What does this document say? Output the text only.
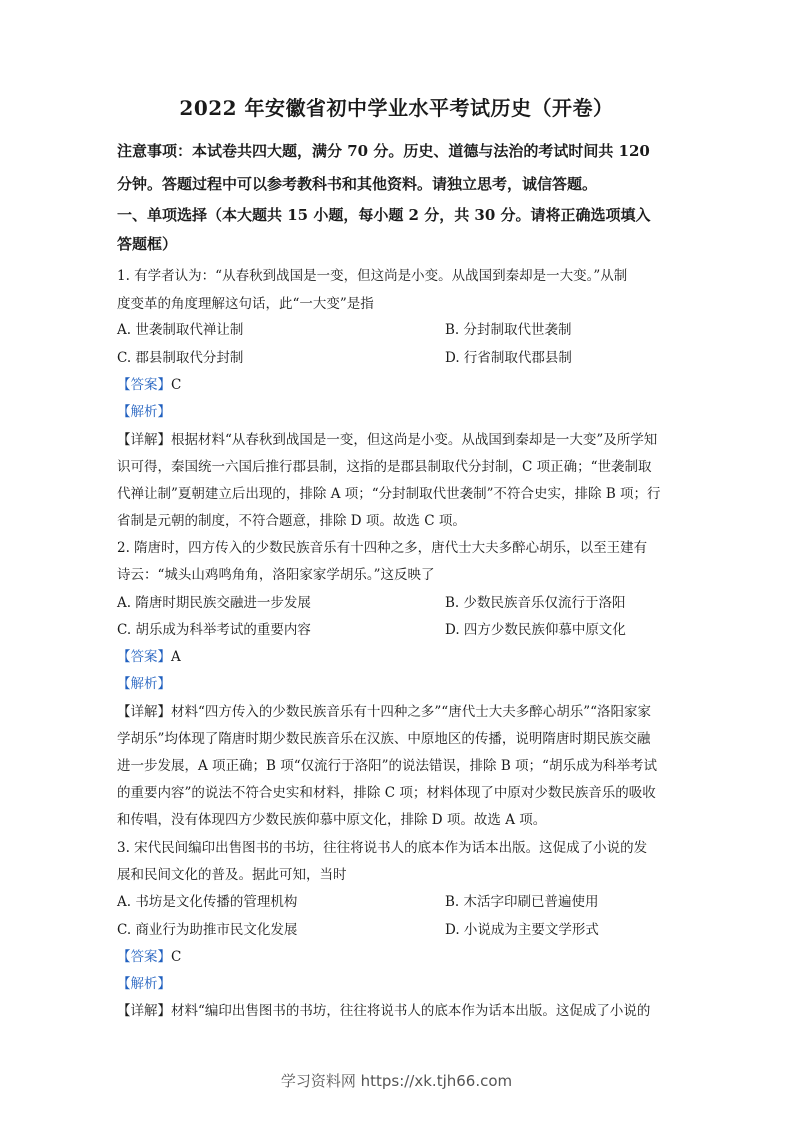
2022 年安徽省初中学业水平考试历史（开卷）
注意事项：本试卷共四大题，满分 70 分。历史、道德与法治的考试时间共 120
分钟。答题过程中可以参考教科书和其他资料。请独立思考，诚信答题。
一、单项选择（本大题共 15 小题，每小题 2 分，共 30 分。请将正确选项填入
答题框）
1. 有学者认为：“从春秋到战国是一变，但这尚是小变。从战国到秦却是一大变。”从制
度变革的角度理解这句话，此“一大变”是指
A. 世袭制取代禅让制	B. 分封制取代世袭制
C. 郡县制取代分封制	D. 行省制取代郡县制
【答案】C
【解析】
【详解】根据材料“从春秋到战国是一变，但这尚是小变。从战国到秦却是一大变”及所学知
识可得，秦国统一六国后推行郡县制，这指的是郡县制取代分封制，C 项正确；“世袭制取
代禅让制”夏朝建立后出现的，排除 A 项；“分封制取代世袭制”不符合史实，排除 B 项；行
省制是元朝的制度，不符合题意，排除 D 项。故选 C 项。
2. 隋唐时，四方传入的少数民族音乐有十四种之多，唐代士大夫多醉心胡乐，以至王建有
诗云：“城头山鸡鸣角角，洛阳家家学胡乐。”这反映了
A. 隋唐时期民族交融进一步发展	B. 少数民族音乐仅流行于洛阳
C. 胡乐成为科举考试的重要内容	D. 四方少数民族仰慕中原文化
【答案】A
【解析】
【详解】材料“四方传入的少数民族音乐有十四种之多”“唐代士大夫多醉心胡乐”“洛阳家家
学胡乐”均体现了隋唐时期少数民族音乐在汉族、中原地区的传播，说明隋唐时期民族交融
进一步发展，A 项正确；B 项“仅流行于洛阳”的说法错误，排除 B 项；“胡乐成为科举考试
的重要内容”的说法不符合史实和材料，排除 C 项；材料体现了中原对少数民族音乐的吸收
和传唱，没有体现四方少数民族仰慕中原文化，排除 D 项。故选 A 项。
3. 宋代民间编印出售图书的书坊，往往将说书人的底本作为话本出版。这促成了小说的发
展和民间文化的普及。据此可知，当时
A. 书坊是文化传播的管理机构	B. 木活字印刷已普遍使用
C. 商业行为助推市民文化发展	D. 小说成为主要文学形式
【答案】C
【解析】
【详解】材料“编印出售图书的书坊，往往将说书人的底本作为话本出版。这促成了小说的
学习资料网 https://xk.tjh66.com
